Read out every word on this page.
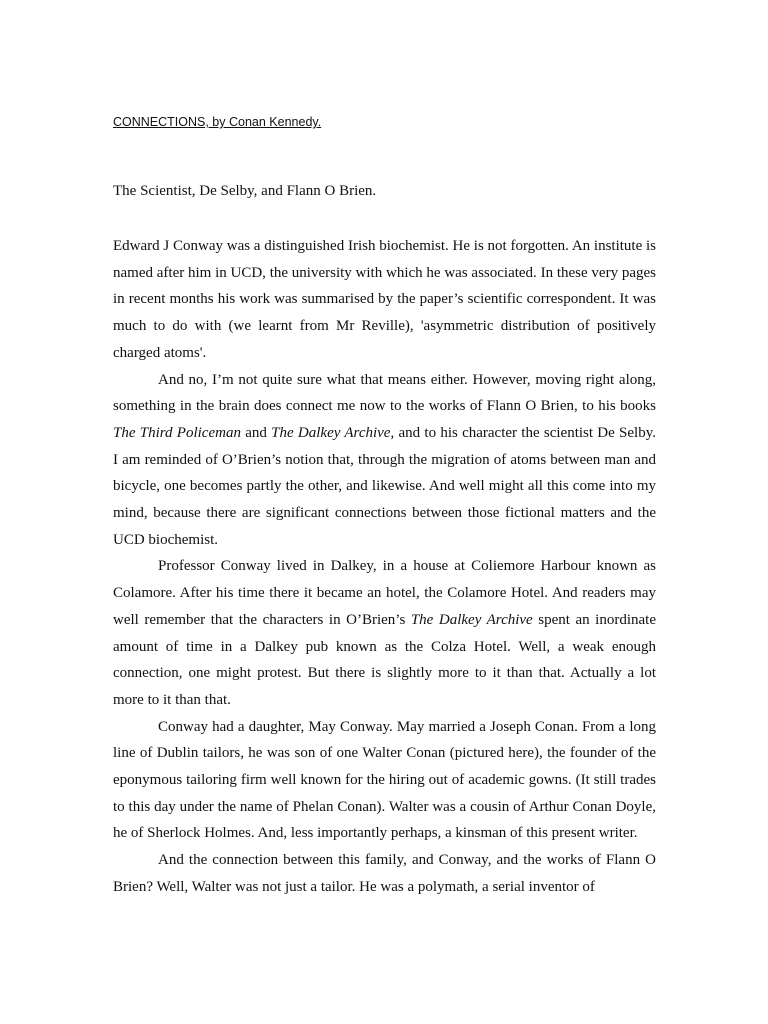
CONNECTIONS, by Conan Kennedy.
The Scientist, De Selby, and Flann O Brien.

Edward J Conway was a distinguished Irish biochemist. He is not forgotten. An institute is named after him in UCD, the university with which he was associated. In these very pages in recent months his work was summarised by the paper’s scientific correspondent. It was much to do with (we learnt from Mr Reville), 'asymmetric distribution of positively charged atoms'.

And no, I’m not quite sure what that means either. However, moving right along, something in the brain does connect me now to the works of Flann O Brien, to his books The Third Policeman and The Dalkey Archive, and to his character the scientist De Selby. I am reminded of O’Brien’s notion that, through the migration of atoms between man and bicycle, one becomes partly the other, and likewise. And well might all this come into my mind, because there are significant connections between those fictional matters and the UCD biochemist.

Professor Conway lived in Dalkey, in a house at Coliemore Harbour known as Colamore. After his time there it became an hotel, the Colamore Hotel. And readers may well remember that the characters in O’Brien’s The Dalkey Archive spent an inordinate amount of time in a Dalkey pub known as the Colza Hotel. Well, a weak enough connection, one might protest. But there is slightly more to it than that. Actually a lot more to it than that.

Conway had a daughter, May Conway. May married a Joseph Conan. From a long line of Dublin tailors, he was son of one Walter Conan (pictured here), the founder of the eponymous tailoring firm well known for the hiring out of academic gowns. (It still trades to this day under the name of Phelan Conan). Walter was a cousin of Arthur Conan Doyle, he of Sherlock Holmes. And, less importantly perhaps, a kinsman of this present writer.

And the connection between this family, and Conway, and the works of Flann O Brien? Well, Walter was not just a tailor. He was a polymath, a serial inventor of
